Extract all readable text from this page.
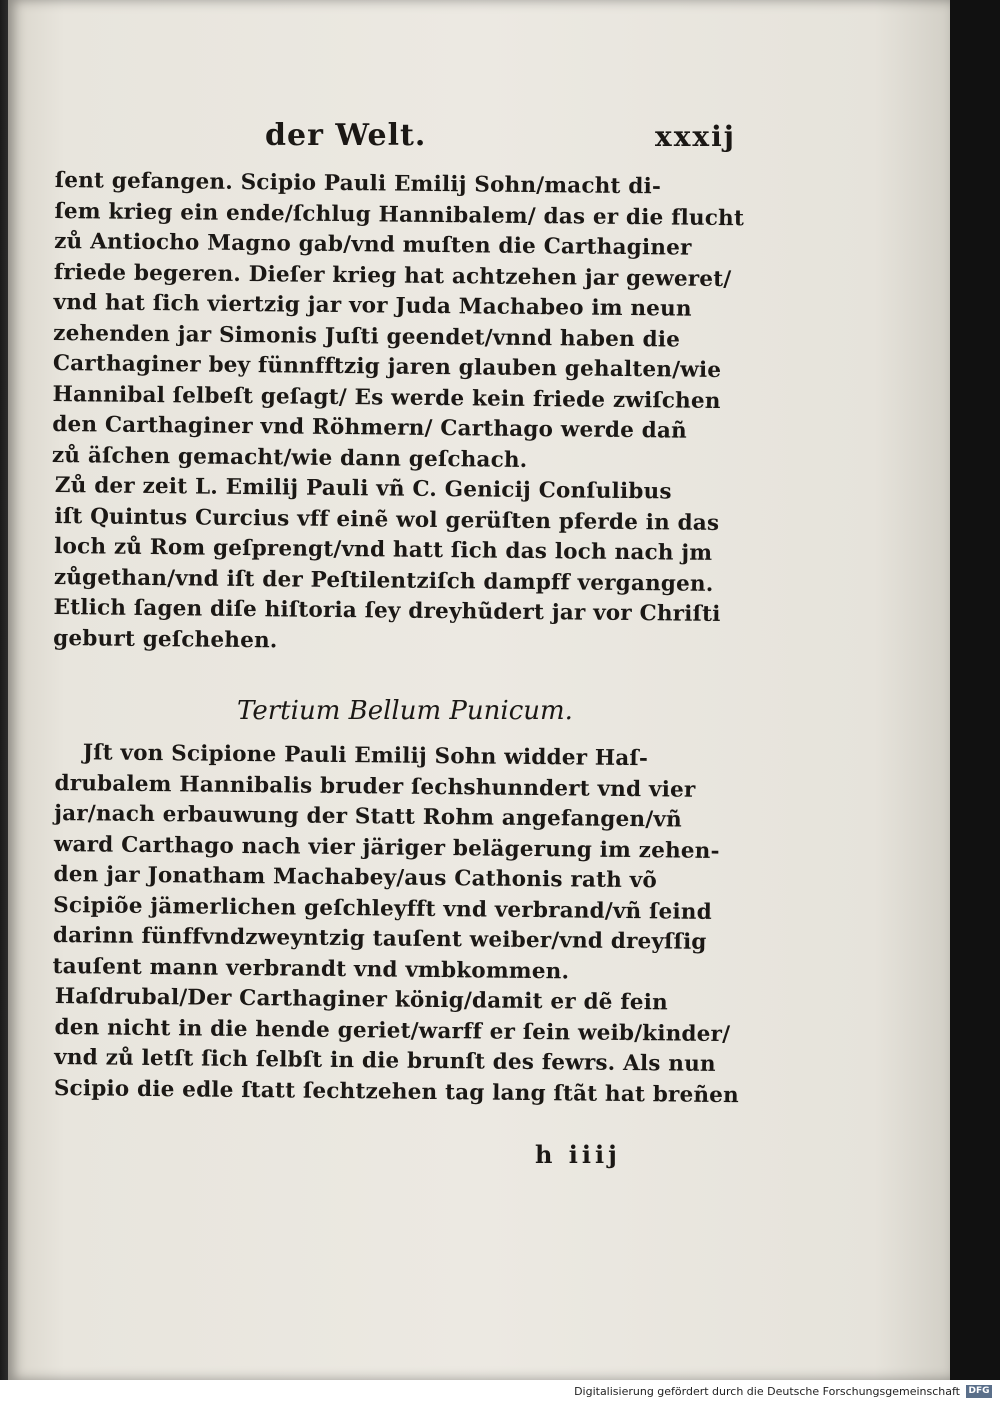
der Welt.	xxxij

ſent gefangen. Scipio Pauli Emilij Sohn/macht di-
ſem krieg ein ende/ſchlug Hannibalem/ das er die flucht
zů Antiocho Magno gab/vnd muſten die Carthaginer
friede begeren. Dieſer krieg hat achtzehen jar geweret/
vnd hat ſich viertzig jar vor Juda Machabeo im neun
zehenden jar Simonis Juſti geendet/vnnd haben die
Carthaginer bey fünnfftzig jaren glauben gehalten/wie
Hannibal ſelbeſt geſagt/ Es werde kein friede zwiſchen
den Carthaginer vnd Röhmern/ Carthago werde dañ
zů äſchen gemacht/wie dann geſchach.

Zů der zeit L. Emilij Pauli vñ C. Genicij Conſulibus
iſt Quintus Curcius vff einẽ wol gerüſten pferde in das
loch zů Rom geſprengt/vnd hatt ſich das loch nach jm
zůgethan/vnd iſt der Peſtilentziſch dampff vergangen.
Etlich ſagen diſe hiſtoria ſey dreyhũdert jar vor Chriſti
geburt geſchehen.

Tertium Bellum Punicum.

Jſt von Scipione Pauli Emilij Sohn widder Haſ-
drubalem Hannibalis bruder ſechshunndert vnd vier
jar/nach erbauwung der Statt Rohm angefangen/vñ
ward Carthago nach vier järiger belägerung im zehen-
den jar Jonatham Machabey/aus Cathonis rath võ
Scipiõe jämerlichen geſchleyfft vnd verbrand/vñ ſeind
darinn fünffvndzweyntzig tauſent weiber/vnd dreyſſig
tauſent mann verbrandt vnd vmbkommen.

Haſdrubal/Der Carthaginer könig/damit er dẽ fein
den nicht in die hende geriet/warff er ſein weib/kinder/
vnd zů letſt ſich ſelbſt in die brunſt des fewrs. Als nun
Scipio die edle ſtatt ſechtzehen tag lang ſtãt hat breñen

h iiij
Digitalisierung gefördert durch die Deutsche Forschungsgemeinschaft DFG
